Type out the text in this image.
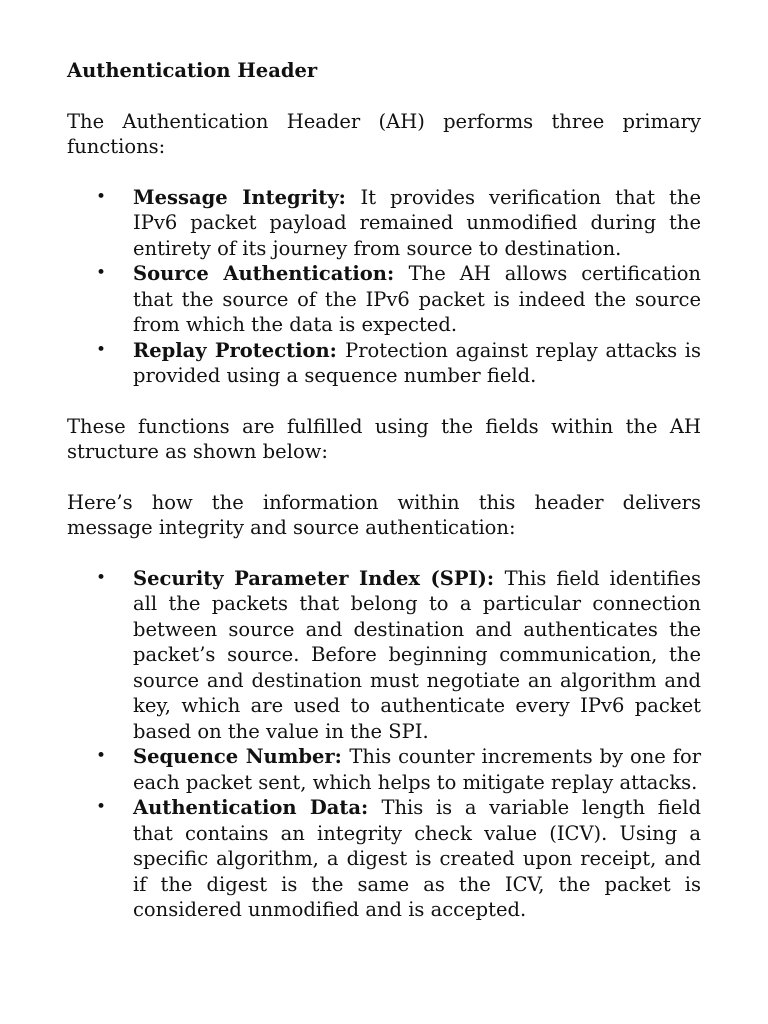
Authentication Header

The Authentication Header (AH) performs three primary functions:

• Message Integrity: It provides verification that the IPv6 packet payload remained unmodified during the entirety of its journey from source to destination.
• Source Authentication: The AH allows certification that the source of the IPv6 packet is indeed the source from which the data is expected.
• Replay Protection: Protection against replay attacks is provided using a sequence number field.

These functions are fulfilled using the fields within the AH structure as shown below:

Here’s how the information within this header delivers message integrity and source authentication:

• Security Parameter Index (SPI): This field identifies all the packets that belong to a particular connection between source and destination and authenticates the packet’s source. Before beginning communication, the source and destination must negotiate an algorithm and key, which are used to authenticate every IPv6 packet based on the value in the SPI.
• Sequence Number: This counter increments by one for each packet sent, which helps to mitigate replay attacks.
• Authentication Data: This is a variable length field that contains an integrity check value (ICV). Using a specific algorithm, a digest is created upon receipt, and if the digest is the same as the ICV, the packet is considered unmodified and is accepted.
